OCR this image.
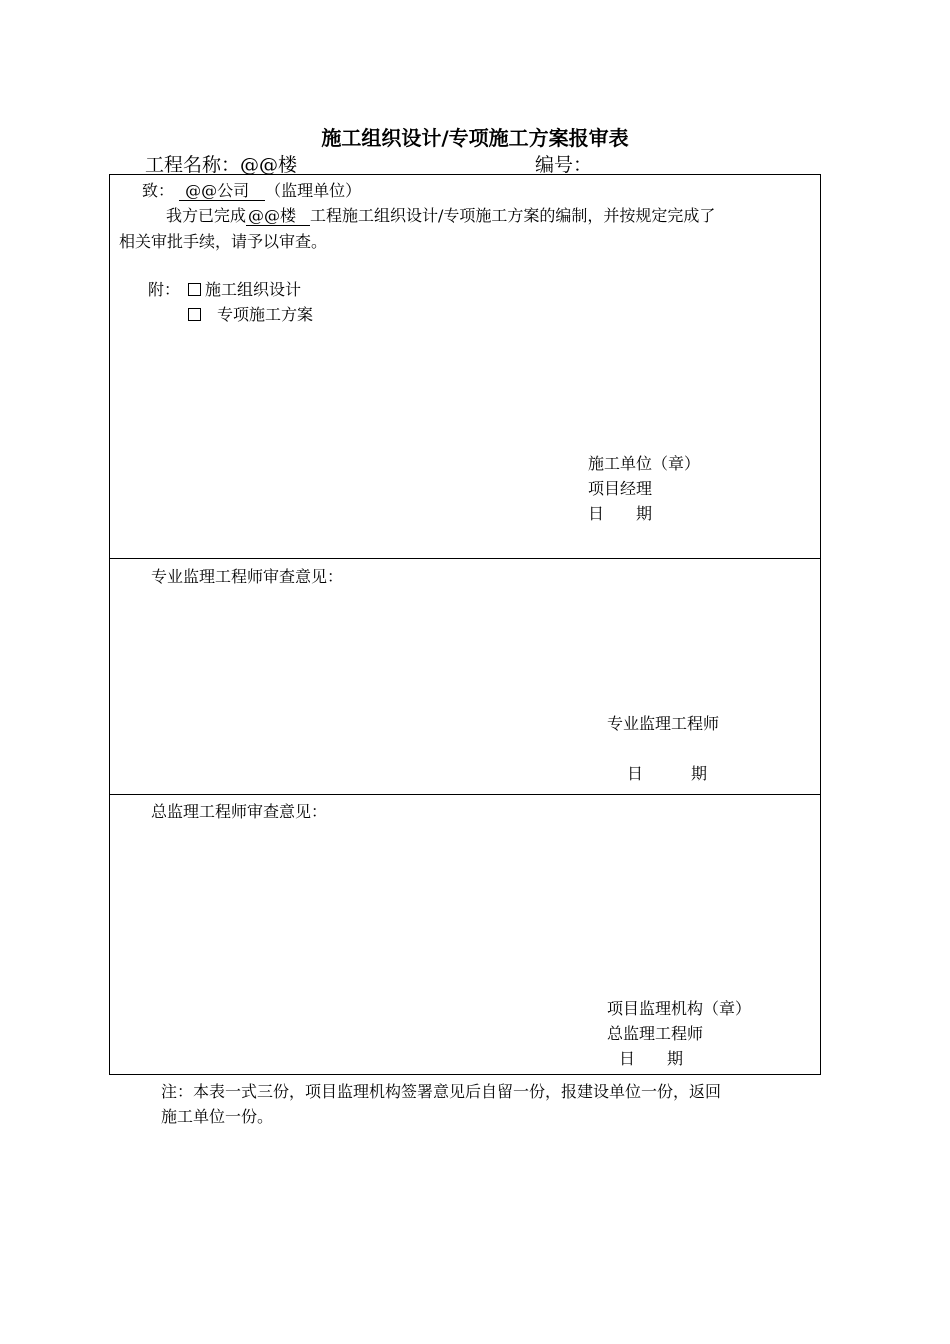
施工组织设计/专项施工方案报审表
工程名称：@@楼	编号：
致： @@公司 （监理单位）
我方已完成 @@楼 工程施工组织设计/专项施工方案的编制，并按规定完成了
相关审批手续，请予以审查。
附：	施工组织设计
专项施工方案
施工单位（章）
项目经理
日　　期
专业监理工程师审查意见：
专业监理工程师
日　　　期
总监理工程师审查意见：
项目监理机构（章）
总监理工程师
日　　期
注：本表一式三份，项目监理机构签署意见后自留一份，报建设单位一份，返回
施工单位一份。
